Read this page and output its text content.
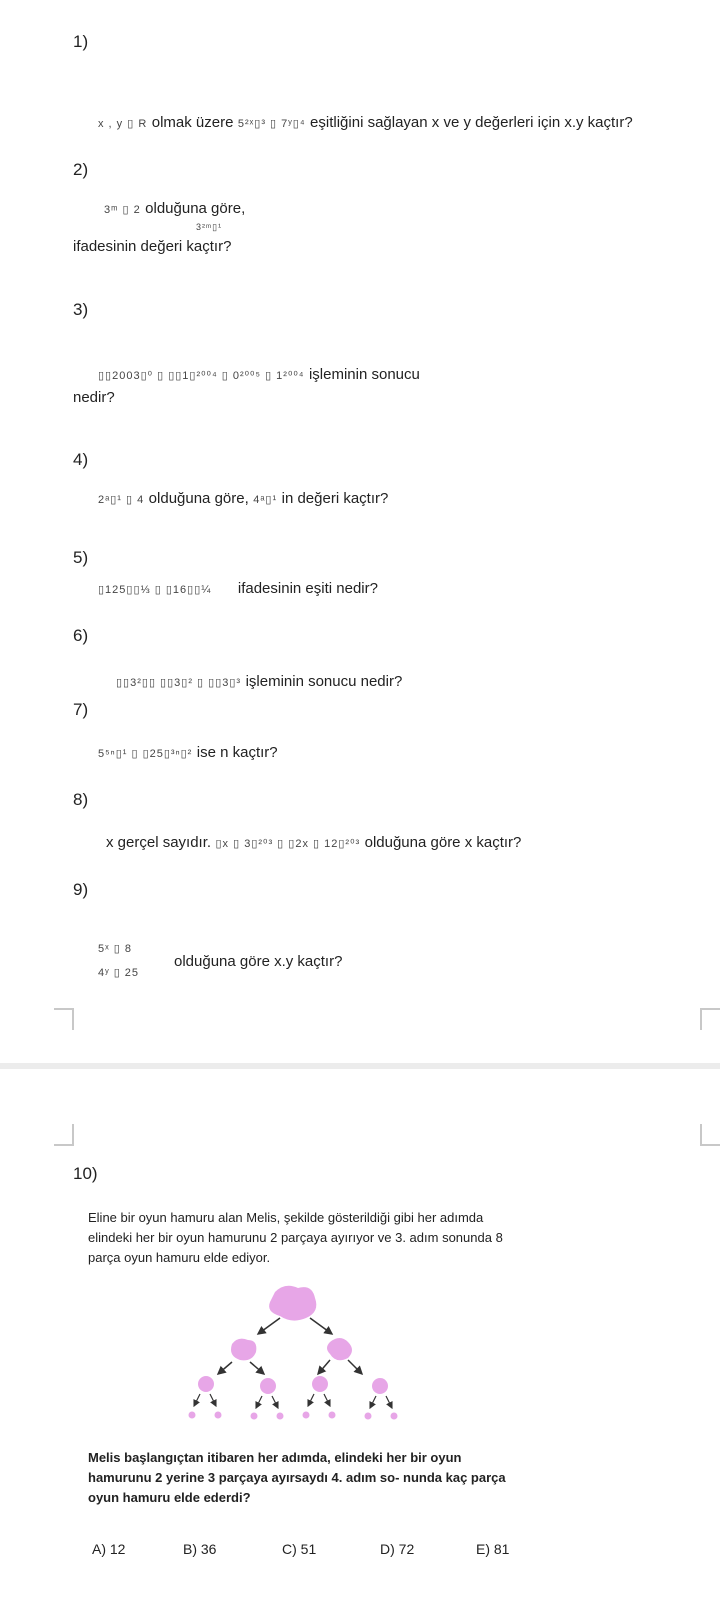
1)
x , y ▯ R olmak üzere 5²ˣ▯³ ▯ 7ʸ▯⁴ eşitliğini sağlayan x ve y değerleri için x.y kaçtır?
2)
3ᵐ ▯ 2 olduğuna göre,
3²ᵐ▯¹
ifadesinin değeri kaçtır?
3)
▯▯2003▯⁰ ▯ ▯▯1▯²⁰⁰⁴ ▯ 0²⁰⁰⁵ ▯ 1²⁰⁰⁴ işleminin sonucu
nedir?
4)
2ᵃ▯¹ ▯ 4 olduğuna göre, 4ᵃ▯¹ in değeri kaçtır?
5)
▯125▯▯⅓ ▯ ▯16▯▯¼ ifadesinin eşiti nedir?
6)
▯▯3²▯▯ ▯▯3▯² ▯ ▯▯3▯³ işleminin sonucu nedir?
7)
5⁵ⁿ▯¹ ▯ ▯25▯³ⁿ▯² ise n kaçtır?
8)
x gerçel sayıdır. ▯x ▯ 3▯²⁰³ ▯ ▯2x ▯ 12▯²⁰³ olduğuna göre x kaçtır?
9)
5ˣ ▯ 8
4ʸ ▯ 25
olduğuna göre x.y kaçtır?
10)
Eline bir oyun hamuru alan Melis, şekilde gösterildiği gibi her adımda elindeki her bir oyun hamurunu 2 parçaya ayırıyor ve 3. adım sonunda 8 parça oyun hamuru elde ediyor.
Melis başlangıçtan itibaren her adımda, elindeki her bir oyun hamurunu 2 yerine 3 parçaya ayırsaydı 4. adım so- nunda kaç parça oyun hamuru elde ederdi?
A) 12	B) 36	C) 51	D) 72	E) 81
